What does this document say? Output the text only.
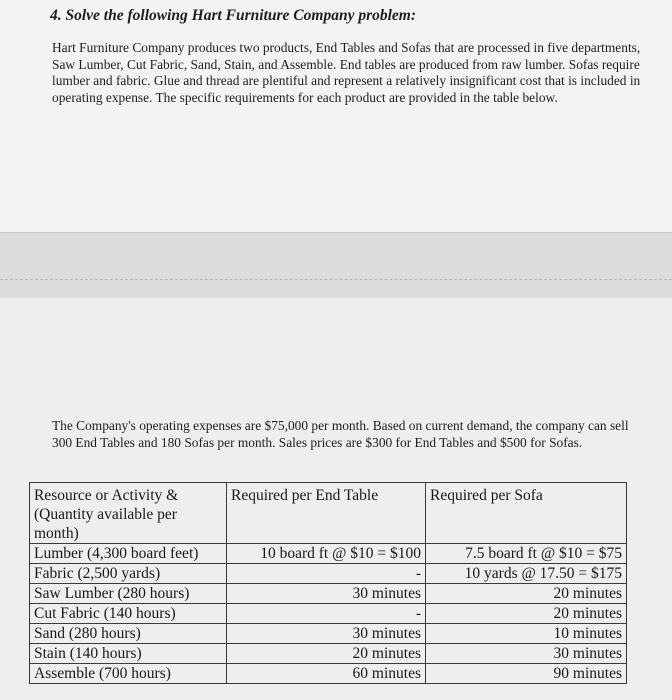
4. Solve the following Hart Furniture Company problem:
Hart Furniture Company produces two products, End Tables and Sofas that are processed in five departments, Saw Lumber, Cut Fabric, Sand, Stain, and Assemble. End tables are produced from raw lumber. Sofas require lumber and fabric. Glue and thread are plentiful and represent a relatively insignificant cost that is included in operating expense. The specific requirements for each product are provided in the table below.
The Company's operating expenses are $75,000 per month. Based on current demand, the company can sell 300 End Tables and 180 Sofas per month. Sales prices are $300 for End Tables and $500 for Sofas.
Resource or Activity & (Quantity available per month)	Required per End Table	Required per Sofa
Lumber (4,300 board feet)	10 board ft @ $10 = $100	7.5 board ft @ $10 = $75
Fabric (2,500 yards)	-	10 yards @ 17.50 = $175
Saw Lumber (280 hours)	30 minutes	20 minutes
Cut Fabric (140 hours)	-	20 minutes
Sand (280 hours)	30 minutes	10 minutes
Stain (140 hours)	20 minutes	30 minutes
Assemble (700 hours)	60 minutes	90 minutes
